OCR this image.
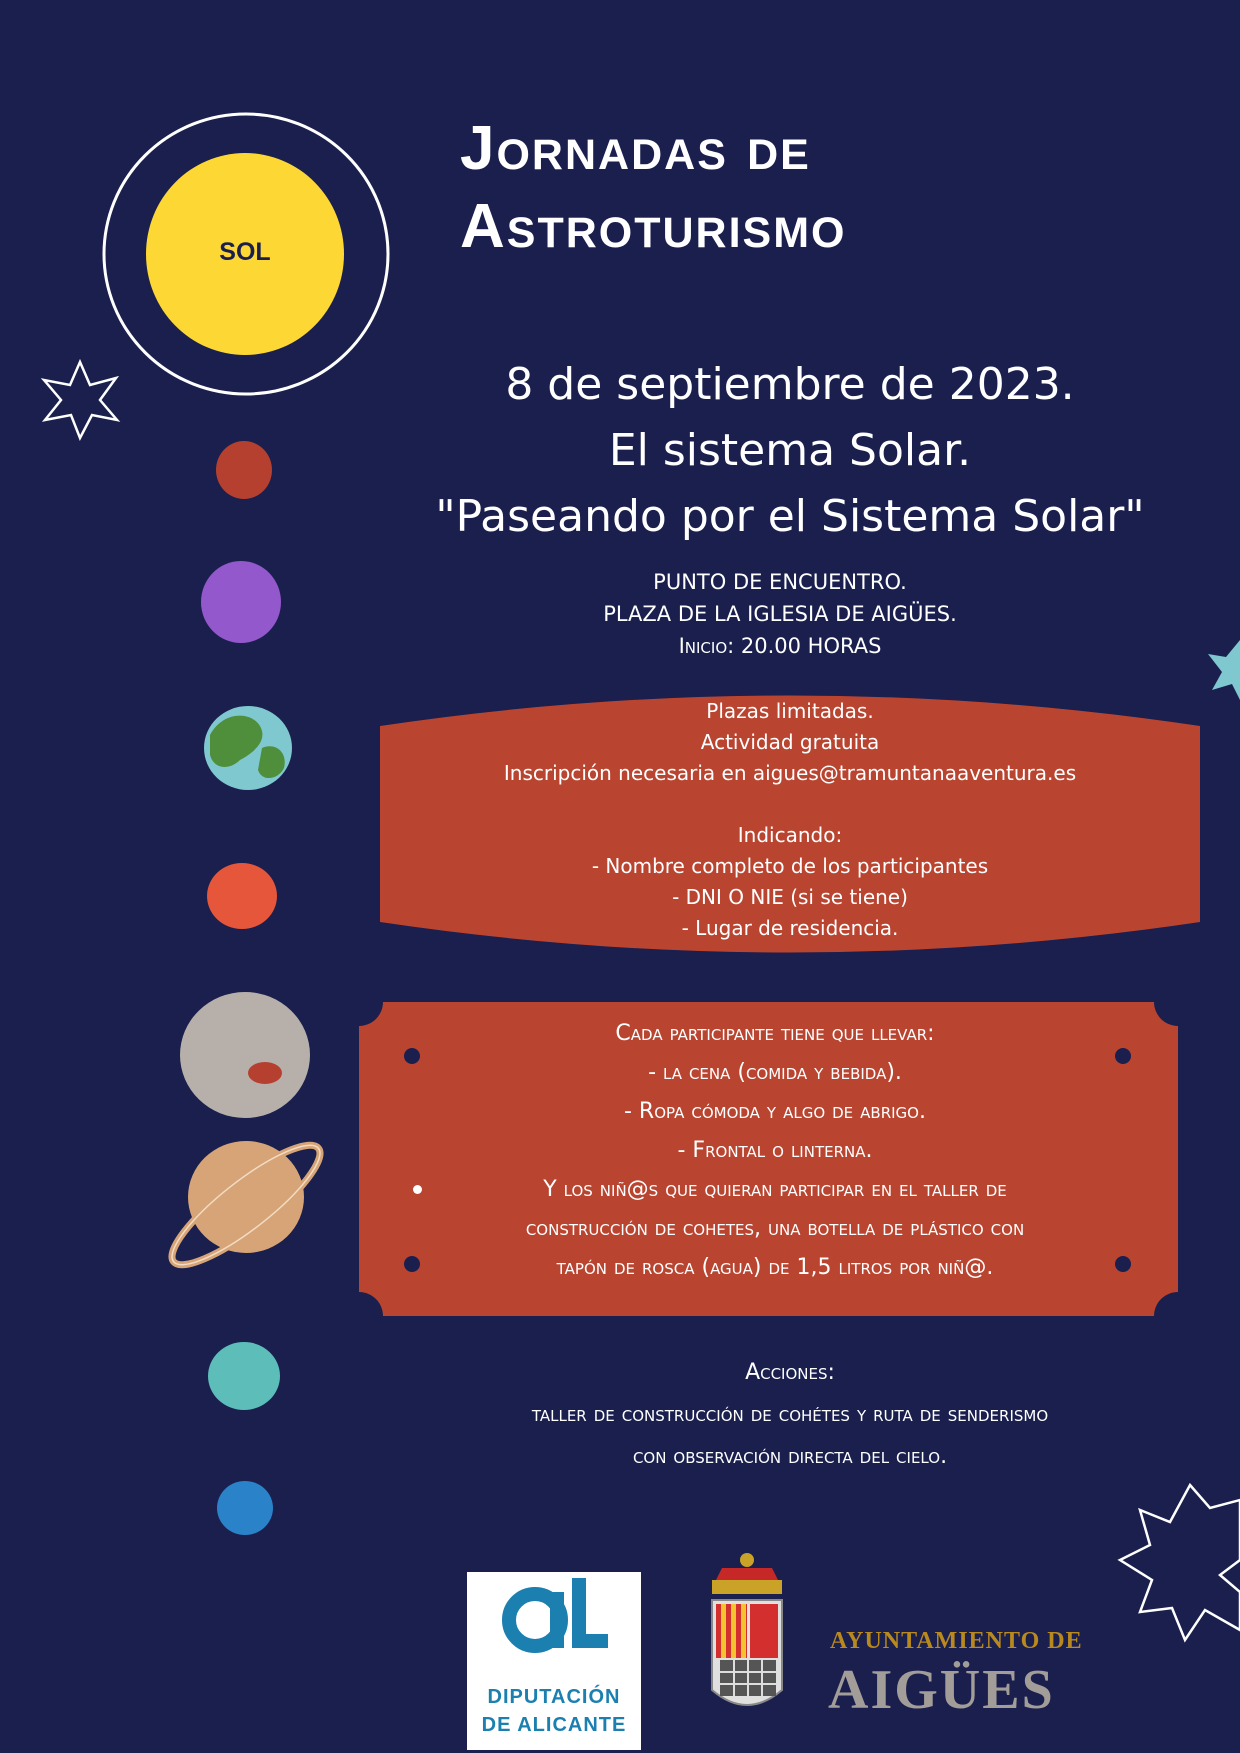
SOL
Jornadas de
Astroturismo
8 de septiembre de 2023.
El sistema Solar.
"Paseando por el Sistema Solar"
PUNTO DE ENCUENTRO.
PLAZA DE LA IGLESIA DE AIGÜES.
Inicio: 20.00 HORAS
Plazas limitadas.
Actividad gratuita
Inscripción necesaria en aigues@tramuntanaaventura.es
Indicando:
- Nombre completo de los participantes
- DNI O NIE (si se tiene)
- Lugar de residencia.
Cada participante tiene que llevar:
- la cena (comida y bebida).
- Ropa cómoda y algo de abrigo.
- Frontal o linterna.
Y los niñ@s que quieran participar en el taller de
construcción de cohetes, una botella de plástico con
tapón de rosca (agua) de 1,5 litros por niñ@.
Acciones:
taller de construcción de cohétes y ruta de senderismo
con observación directa del cielo.
DIPUTACIÓN
DE ALICANTE
AYUNTAMIENTO DE
AIGÜES
